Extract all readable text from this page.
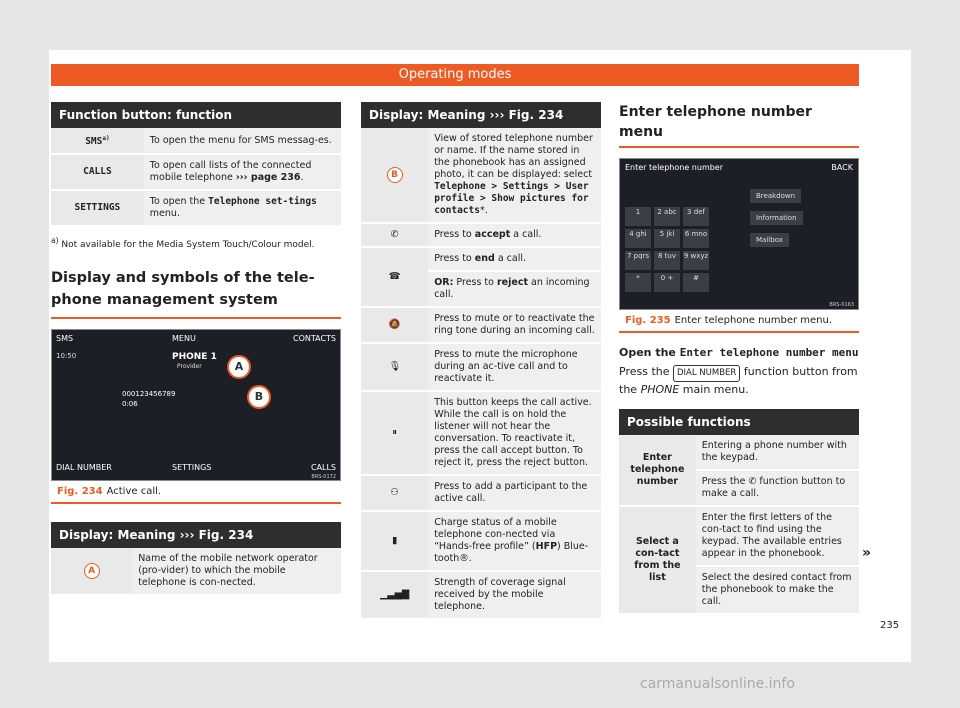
Operating modes
Function button: function
SMS$^{a)}$	To open the menu for SMS messag-es.
CALLS	To open call lists of the connected mobile telephone ››› page 236.
SETTINGS	To open the Telephone set-tings menu.
$^{a)}$ Not available for the Media System Touch/Colour model.
Display and symbols of the tele-phone management system
SMS	MENU	CONTACTS
10:50	PHONE 1
Provider
000123456789
0:06
A
B
DIAL NUMBER	SETTINGS	CALLS
BRS-0172
Fig. 234 Active call.
Display: Meaning ››› Fig. 234
A	Name of the mobile network operator (pro-vider) to which the mobile telephone is con-nected.
Display: Meaning ››› Fig. 234
B	View of stored telephone number or name. If the name stored in the phonebook has an assigned photo, it can be displayed: select Telephone > Settings > User profile > Show pictures for contacts*.
✆	Press to accept a call.
☎	Press to end a call.
	OR: Press to reject an incoming call.
🔕	Press to mute or to reactivate the ring tone during an incoming call.
🎙	Press to mute the microphone during an ac-tive call and to reactivate it.
⏸	This button keeps the call active. While the call is on hold the listener will not hear the conversation. To reactivate it, press the call accept button. To reject it, press the reject button.
⚇	Press to add a participant to the active call.
▮	Charge status of a mobile telephone con-nected via “Hands-free profile” (HFP) Blue-tooth®.
▁▃▅▇	Strength of coverage signal received by the mobile telephone.
Enter telephone number menu
Enter telephone number	BACK
1	2 abc	3 def
4 ghi	5 jkl	6 mno
7 pqrs	8 tuv	9 wxyz
*	0 +	#
Breakdown
Information
Mailbox
BRS-0163
Fig. 235 Enter telephone number menu.
Open the Enter telephone number menu
Press the DIAL NUMBER function button from the PHONE main menu.
Possible functions
Enter telephone number	Entering a phone number with the keypad.
	Press the ✆ function button to make a call.
Select a con-tact from the list	Enter the first letters of the con-tact to find using the keypad. The available entries appear in the phonebook.
	Select the desired contact from the phonebook to make the call.
»
235
carmanualsonline.info
